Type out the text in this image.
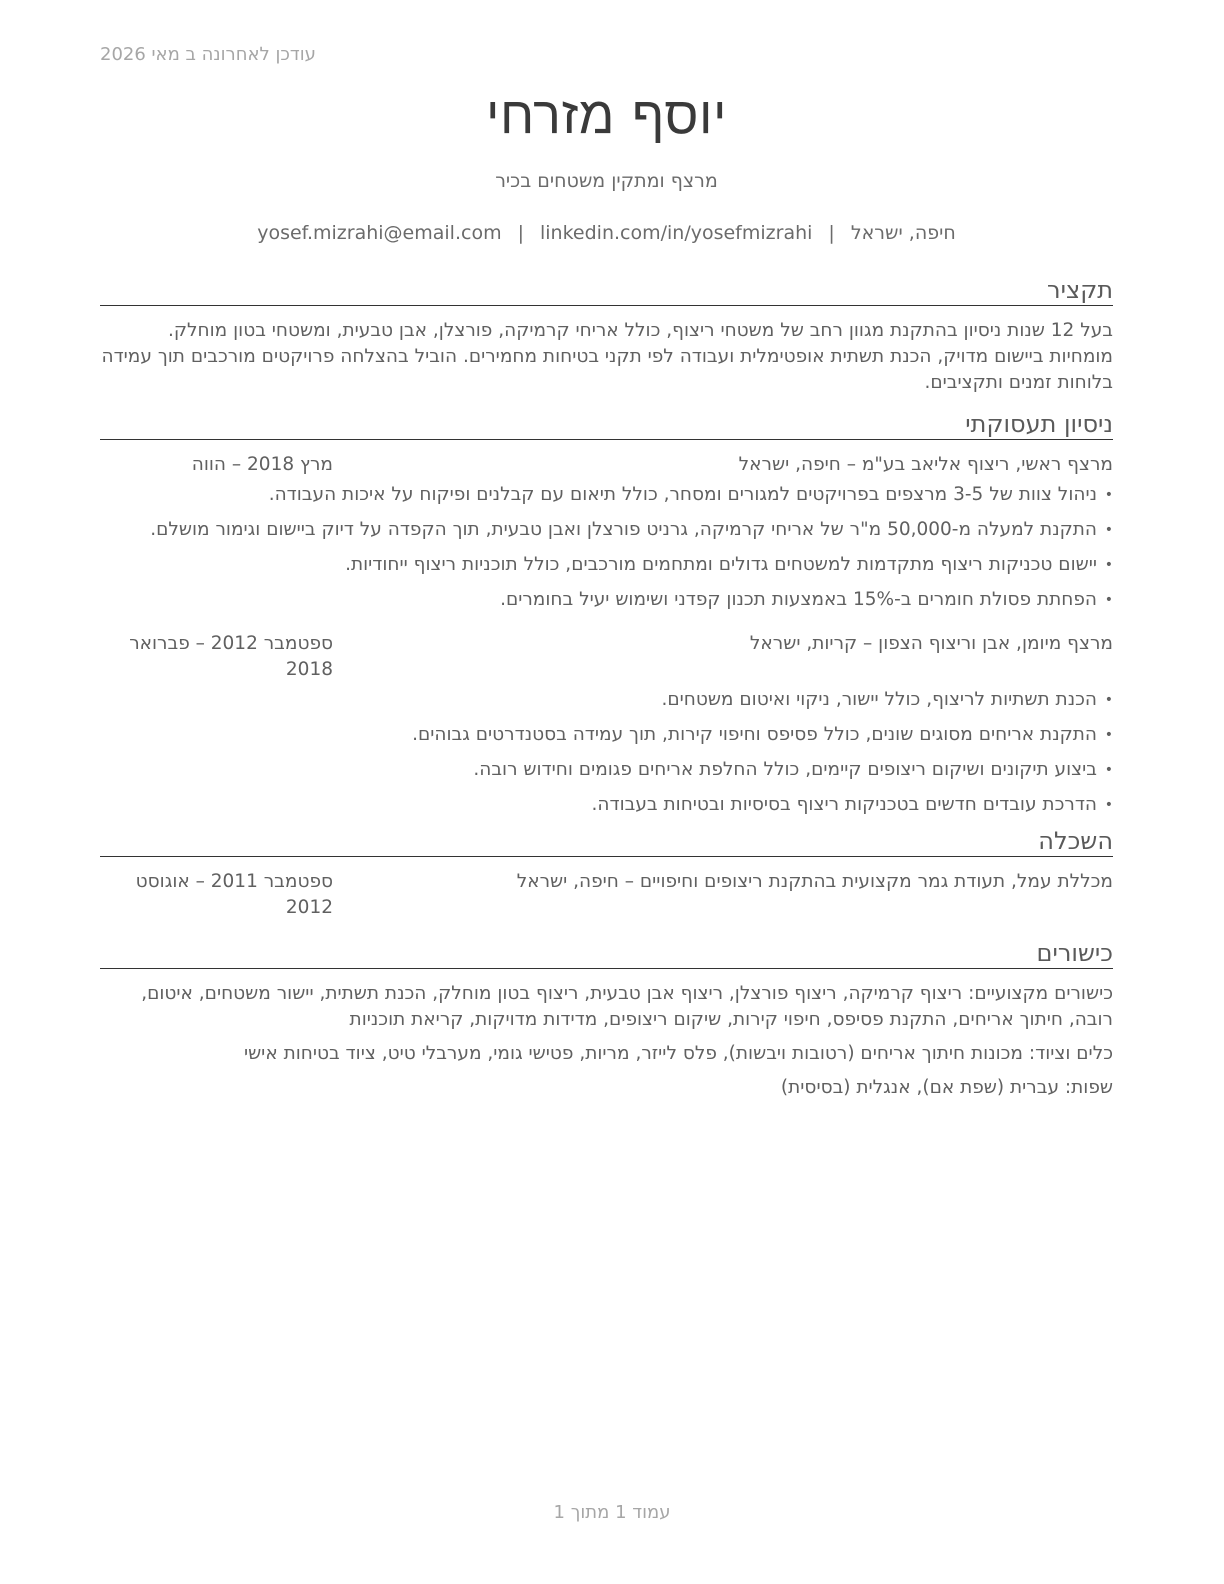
עודכן לאחרונה ב מאי 2026
יוסף מזרחי
מרצף ומתקין משטחים בכיר
חיפה, ישראל|yosef.mizrahi@email.com | linkedin.com/in/yosefmizrahi
תקציר
בעל 12 שנות ניסיון בהתקנת מגוון רחב של משטחי ריצוף, כולל אריחי קרמיקה, פורצלן, אבן טבעית, ומשטחי בטון מוחלק. מומחיות ביישום מדויק, הכנת תשתית אופטימלית ועבודה לפי תקני בטיחות מחמירים. הוביל בהצלחה פרויקטים מורכבים תוך עמידה בלוחות זמנים ותקציבים.
ניסיון תעסוקתי
מרצף ראשי, ריצוף אליאב בע"מ – חיפה, ישראל
מרץ 2018 – הווה
•
ניהול צוות של 3-5 מרצפים בפרויקטים למגורים ומסחר, כולל תיאום עם קבלנים ופיקוח על איכות העבודה.
•
התקנת למעלה מ-50,000 מ"ר של אריחי קרמיקה, גרניט פורצלן ואבן טבעית, תוך הקפדה על דיוק ביישום וגימור מושלם.
•
יישום טכניקות ריצוף מתקדמות למשטחים גדולים ומתחמים מורכבים, כולל תוכניות ריצוף ייחודיות.
•
הפחתת פסולת חומרים ב-15% באמצעות תכנון קפדני ושימוש יעיל בחומרים.
מרצף מיומן, אבן וריצוף הצפון – קריות, ישראל
ספטמבר 2012 – פברואר 2018
•
הכנת תשתיות לריצוף, כולל יישור, ניקוי ואיטום משטחים.
•
התקנת אריחים מסוגים שונים, כולל פסיפס וחיפוי קירות, תוך עמידה בסטנדרטים גבוהים.
•
ביצוע תיקונים ושיקום ריצופים קיימים, כולל החלפת אריחים פגומים וחידוש רובה.
•
הדרכת עובדים חדשים בטכניקות ריצוף בסיסיות ובטיחות בעבודה.
השכלה
מכללת עמל, תעודת גמר מקצועית בהתקנת ריצופים וחיפויים – חיפה, ישראל
ספטמבר 2011 – אוגוסט 2012
כישורים
כישורים מקצועיים: ריצוף קרמיקה, ריצוף פורצלן, ריצוף אבן טבעית, ריצוף בטון מוחלק, הכנת תשתית, יישור משטחים, איטום, רובה, חיתוך אריחים, התקנת פסיפס, חיפוי קירות, שיקום ריצופים, מדידות מדויקות, קריאת תוכניות
כלים וציוד: מכונות חיתוך אריחים (רטובות ויבשות), פלס לייזר, מריות, פטישי גומי, מערבלי טיט, ציוד בטיחות אישי
שפות: עברית (שפת אם), אנגלית (בסיסית)
עמוד 1 מתוך 1
